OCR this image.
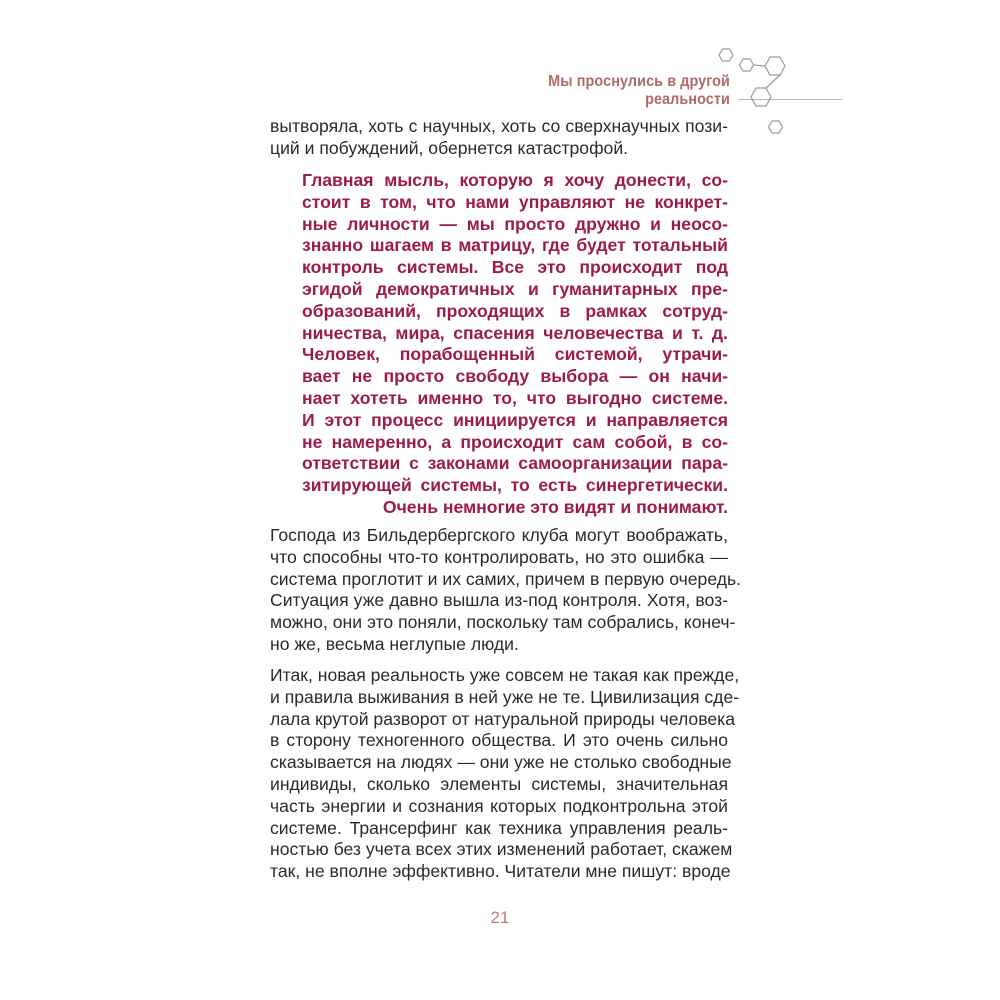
Мы проснулись в другой реальности
вытворяла, хоть с научных, хоть со сверхнаучных пози-
ций и побуждений, обернется катастрофой.
Главная мысль, которую я хочу донести, со-
стоит в том, что нами управляют не конкрет-
ные личности — мы просто дружно и неосо-
знанно шагаем в матрицу, где будет тотальный
контроль системы. Все это происходит под
эгидой демократичных и гуманитарных пре-
образований, проходящих в рамках сотруд-
ничества, мира, спасения человечества и т. д.
Человек, порабощенный системой, утрачи-
вает не просто свободу выбора — он начи-
нает хотеть именно то, что выгодно системе.
И этот процесс инициируется и направляется
не намеренно, а происходит сам собой, в со-
ответствии с законами самоорганизации пара-
зитирующей системы, то есть синергетически.
Очень немногие это видят и понимают.
Господа из Бильдербергского клуба могут воображать,
что способны что-то контролировать, но это ошибка —
система проглотит и их самих, причем в первую очередь.
Ситуация уже давно вышла из-под контроля. Хотя, воз-
можно, они это поняли, поскольку там собрались, конеч-
но же, весьма неглупые люди.
Итак, новая реальность уже совсем не такая как прежде,
и правила выживания в ней уже не те. Цивилизация сде-
лала крутой разворот от натуральной природы человека
в сторону техногенного общества. И это очень сильно
сказывается на людях — они уже не столько свободные
индивиды, сколько элементы системы, значительная
часть энергии и сознания которых подконтрольна этой
системе. Трансерфинг как техника управления реаль-
ностью без учета всех этих изменений работает, скажем
так, не вполне эффективно. Читатели мне пишут: вроде
21
